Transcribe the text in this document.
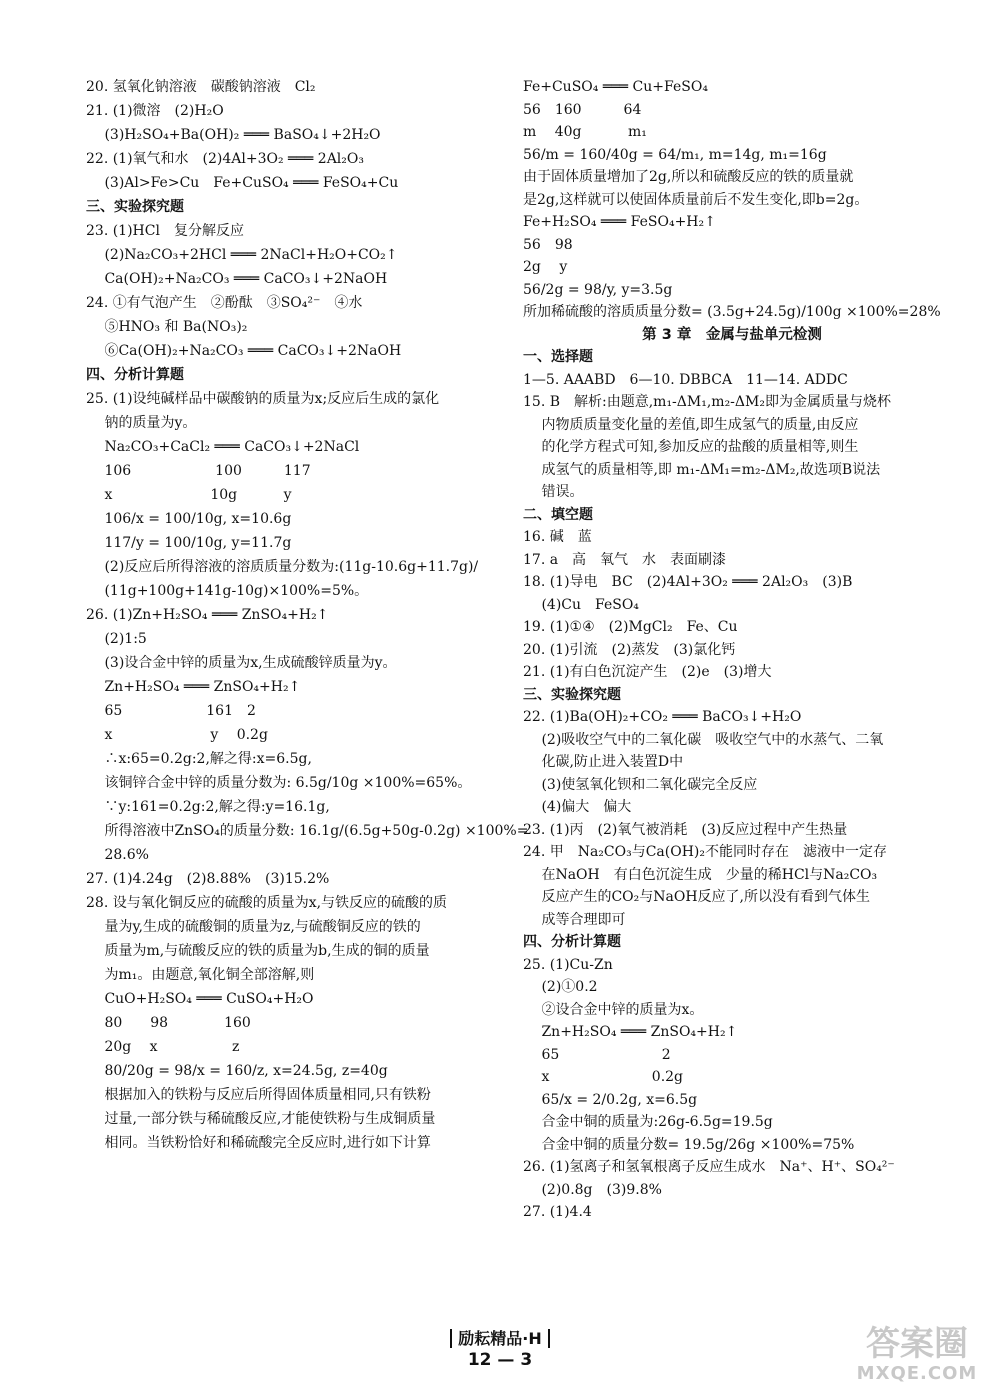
20. 氢氧化钠溶液　碳酸钠溶液　Cl₂
21. (1)微溶　(2)H₂O
　 (3)H₂SO₄+Ba(OH)₂ ═══ BaSO₄↓+2H₂O
22. (1)氧气和水　(2)4Al+3O₂ ═══ 2Al₂O₃
　 (3)Al>Fe>Cu　Fe+CuSO₄ ═══ FeSO₄+Cu
三、实验探究题
23. (1)HCl　复分解反应
　 (2)Na₂CO₃+2HCl ═══ 2NaCl+H₂O+CO₂↑
　 Ca(OH)₂+Na₂CO₃ ═══ CaCO₃↓+2NaOH
24. ①有气泡产生　②酚酞　③SO₄²⁻　④水
　 ⑤HNO₃ 和 Ba(NO₃)₂
　 ⑥Ca(OH)₂+Na₂CO₃ ═══ CaCO₃↓+2NaOH
四、分析计算题
25. (1)设纯碱样品中碳酸钠的质量为x;反应后生成的氯化
　 钠的质量为y。
　 Na₂CO₃+CaCl₂ ═══ CaCO₃↓+2NaCl
　 106　　　　　　100　　　117
　 x　　　　　　　10g　　　 y
　 106/x = 100/10g, x=10.6g
　 117/y = 100/10g, y=11.7g
　 (2)反应后所得溶液的溶质质量分数为:(11g-10.6g+11.7g)/
　 (11g+100g+141g-10g)×100%=5%。
26. (1)Zn+H₂SO₄ ═══ ZnSO₄+H₂↑
　 (2)1:5
　 (3)设合金中锌的质量为x,生成硫酸锌质量为y。
　 Zn+H₂SO₄ ═══ ZnSO₄+H₂↑
　 65　　　　　　161　2
　 x　　　　　　　y　 0.2g
　 ∴x:65=0.2g:2,解之得:x=6.5g,
　 该铜锌合金中锌的质量分数为: 6.5g/10g ×100%=65%。
　 ∵y:161=0.2g:2,解之得:y=16.1g,
　 所得溶液中ZnSO₄的质量分数: 16.1g/(6.5g+50g-0.2g) ×100%=
　 28.6%
27. (1)4.24g　(2)8.88%　(3)15.2%
28. 设与氧化铜反应的硫酸的质量为x,与铁反应的硫酸的质
　 量为y,生成的硫酸铜的质量为z,与硫酸铜反应的铁的
　 质量为m,与硫酸反应的铁的质量为b,生成的铜的质量
　 为m₁。由题意,氧化铜全部溶解,则
　 CuO+H₂SO₄ ═══ CuSO₄+H₂O
　 80　　98　　　　160
　 20g　 x　　　　　 z
　 80/20g = 98/x = 160/z, x=24.5g, z=40g
　 根据加入的铁粉与反应后所得固体质量相同,只有铁粉
　 过量,一部分铁与稀硫酸反应,才能使铁粉与生成铜质量
　 相同。当铁粉恰好和稀硫酸完全反应时,进行如下计算
Fe+CuSO₄ ═══ Cu+FeSO₄
56　160　　　64
m　 40g　　　 m₁
56/m = 160/40g = 64/m₁, m=14g, m₁=16g
由于固体质量增加了2g,所以和硫酸反应的铁的质量就
是2g,这样就可以使固体质量前后不发生变化,即b=2g。
Fe+H₂SO₄ ═══ FeSO₄+H₂↑
56　98
2g　 y
56/2g = 98/y, y=3.5g
所加稀硫酸的溶质质量分数= (3.5g+24.5g)/100g ×100%=28%
第 3 章　金属与盐单元检测
一、选择题
1—5. AAABD　6—10. DBBCA　11—14. ADDC
15. B　解析:由题意,m₁-ΔM₁,m₂-ΔM₂即为金属质量与烧杯
　 内物质质量变化量的差值,即生成氢气的质量,由反应
　 的化学方程式可知,参加反应的盐酸的质量相等,则生
　 成氢气的质量相等,即 m₁-ΔM₁=m₂-ΔM₂,故选项B说法
　 错误。
二、填空题
16. 碱　蓝
17. a　高　氧气　水　表面刷漆
18. (1)导电　BC　(2)4Al+3O₂ ═══ 2Al₂O₃　(3)B
　 (4)Cu　FeSO₄
19. (1)①④　(2)MgCl₂　Fe、Cu
20. (1)引流　(2)蒸发　(3)氯化钙
21. (1)有白色沉淀产生　(2)e　(3)增大
三、实验探究题
22. (1)Ba(OH)₂+CO₂ ═══ BaCO₃↓+H₂O
　 (2)吸收空气中的二氧化碳　吸收空气中的水蒸气、二氧
　 化碳,防止进入装置D中
　 (3)使氢氧化钡和二氧化碳完全反应
　 (4)偏大　偏大
23. (1)丙　(2)氧气被消耗　(3)反应过程中产生热量
24. 甲　Na₂CO₃与Ca(OH)₂不能同时存在　滤液中一定存
　 在NaOH　有白色沉淀生成　少量的稀HCl与Na₂CO₃
　 反应产生的CO₂与NaOH反应了,所以没有看到气体生
　 成等合理即可
四、分析计算题
25. (1)Cu-Zn
　 (2)①0.2
　 ②设合金中锌的质量为x。
　 Zn+H₂SO₄ ═══ ZnSO₄+H₂↑
　 65　　　　　　　 2
　 x　　　　　　　 0.2g
　 65/x = 2/0.2g, x=6.5g
　 合金中铜的质量为:26g-6.5g=19.5g
　 合金中铜的质量分数= 19.5g/26g ×100%=75%
26. (1)氢离子和氢氧根离子反应生成水　Na⁺、H⁺、SO₄²⁻
　 (2)0.8g　(3)9.8%
27. (1)4.4
励耘精品·H
12 — 3	答案圈
MXQE.COM
